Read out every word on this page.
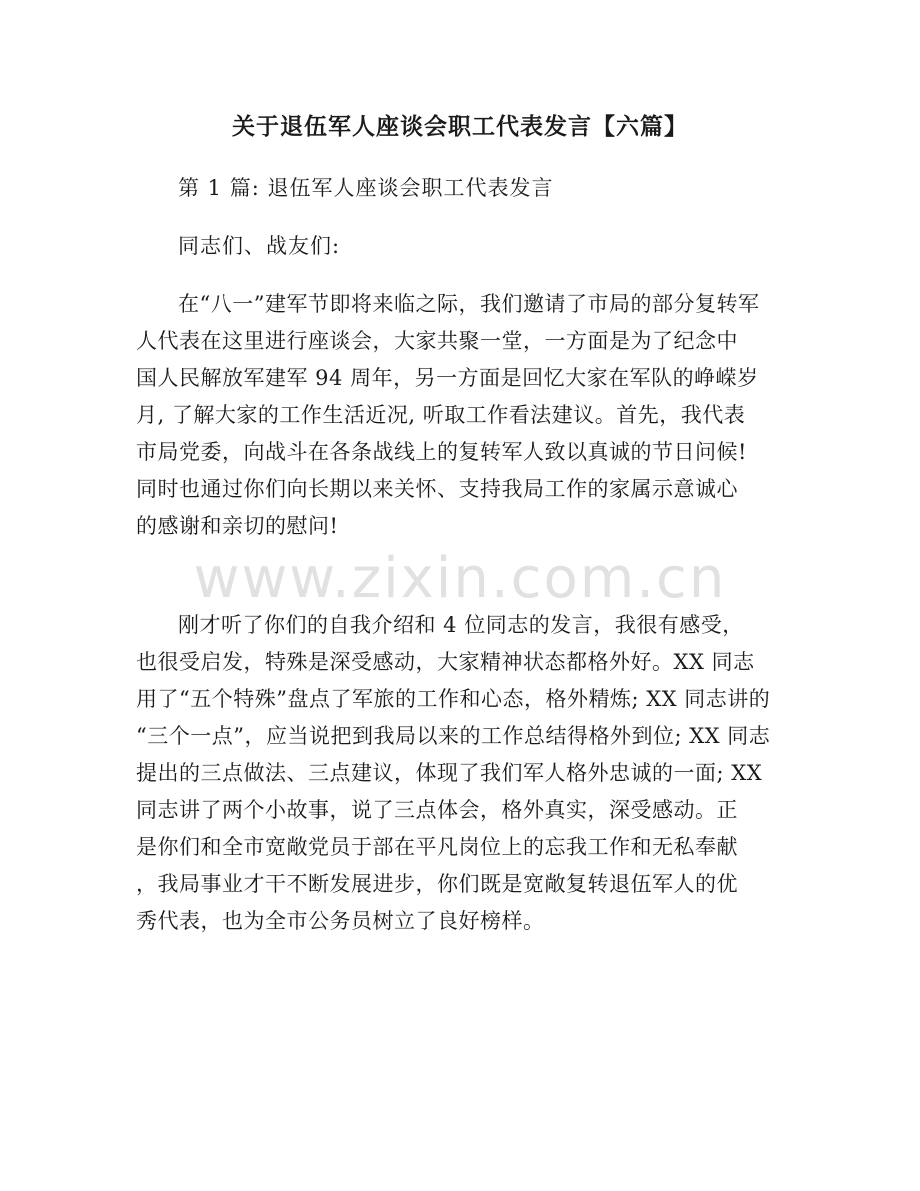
关于退伍军人座谈会职工代表发言【六篇】

第 1 篇: 退伍军人座谈会职工代表发言

同志们、战友们:

在“八一”建军节即将来临之际，我们邀请了市局的部分复转军
人代表在这里进行座谈会，大家共聚一堂，一方面是为了纪念中
国人民解放军建军 94 周年，另一方面是回忆大家在军队的峥嵘岁
月, 了解大家的工作生活近况, 听取工作看法建议。首先，我代表
市局党委，向战斗在各条战线上的复转军人致以真诚的节日问候!
同时也通过你们向长期以来关怀、支持我局工作的家属示意诚心
的感谢和亲切的慰问!

刚才听了你们的自我介绍和 4 位同志的发言，我很有感受，
也很受启发，特殊是深受感动，大家精神状态都格外好。XX 同志
用了“五个特殊”盘点了军旅的工作和心态，格外精炼; XX 同志讲的
“三个一点”，应当说把到我局以来的工作总结得格外到位; XX 同志
提出的三点做法、三点建议，体现了我们军人格外忠诚的一面; XX
同志讲了两个小故事，说了三点体会，格外真实，深受感动。正
是你们和全市宽敞党员于部在平凡岗位上的忘我工作和无私奉献
，我局事业才干不断发展进步，你们既是宽敞复转退伍军人的优
秀代表，也为全市公务员树立了良好榜样。

www.zixin.com.cn
